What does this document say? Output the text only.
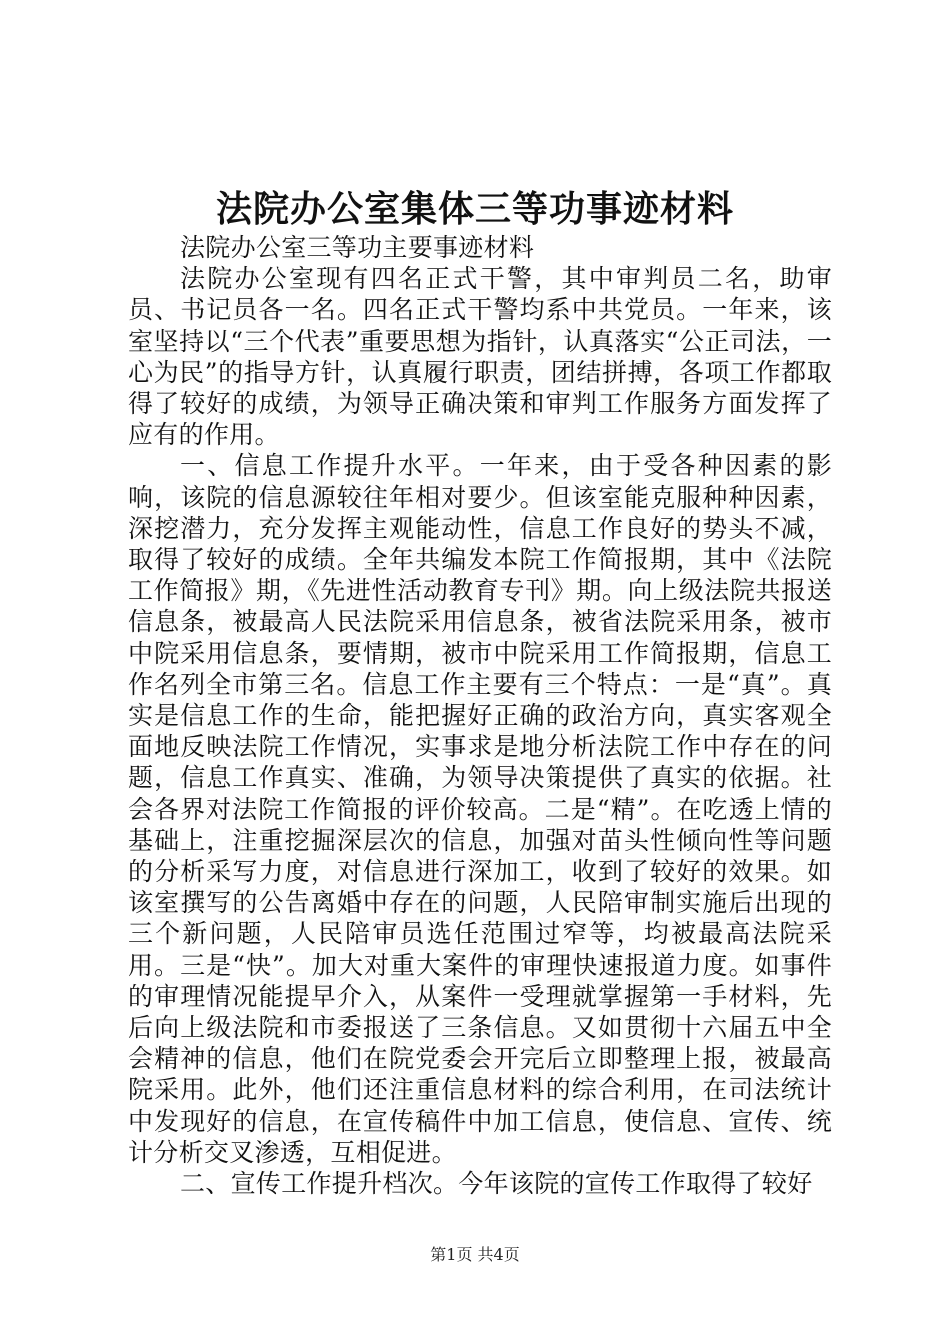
法院办公室集体三等功事迹材料

法院办公室三等功主要事迹材料

法院办公室现有四名正式干警，其中审判员二名，助审员、书记员各一名。四名正式干警均系中共党员。一年来，该室坚持以“三个代表”重要思想为指针，认真落实“公正司法，一心为民”的指导方针，认真履行职责，团结拼搏，各项工作都取得了较好的成绩，为领导正确决策和审判工作服务方面发挥了应有的作用。

一、信息工作提升水平。一年来，由于受各种因素的影响，该院的信息源较往年相对要少。但该室能克服种种因素，深挖潜力，充分发挥主观能动性，信息工作良好的势头不减，取得了较好的成绩。全年共编发本院工作简报期，其中《法院工作简报》期，《先进性活动教育专刊》期。向上级法院共报送信息条，被最高人民法院采用信息条，被省法院采用条，被市中院采用信息条，要情期，被市中院采用工作简报期，信息工作名列全市第三名。信息工作主要有三个特点：一是“真”。真实是信息工作的生命，能把握好正确的政治方向，真实客观全面地反映法院工作情况，实事求是地分析法院工作中存在的问题，信息工作真实、准确，为领导决策提供了真实的依据。社会各界对法院工作简报的评价较高。二是“精”。在吃透上情的基础上，注重挖掘深层次的信息，加强对苗头性倾向性等问题的分析采写力度，对信息进行深加工，收到了较好的效果。如该室撰写的公告离婚中存在的问题，人民陪审制实施后出现的三个新问题，人民陪审员选任范围过窄等，均被最高法院采用。三是“快”。加大对重大案件的审理快速报道力度。如事件的审理情况能提早介入，从案件一受理就掌握第一手材料，先后向上级法院和市委报送了三条信息。又如贯彻十六届五中全会精神的信息，他们在院党委会开完后立即整理上报，被最高院采用。此外，他们还注重信息材料的综合利用，在司法统计中发现好的信息，在宣传稿件中加工信息，使信息、宣传、统计分析交叉渗透，互相促进。

二、宣传工作提升档次。今年该院的宣传工作取得了较好

第1页 共4页
